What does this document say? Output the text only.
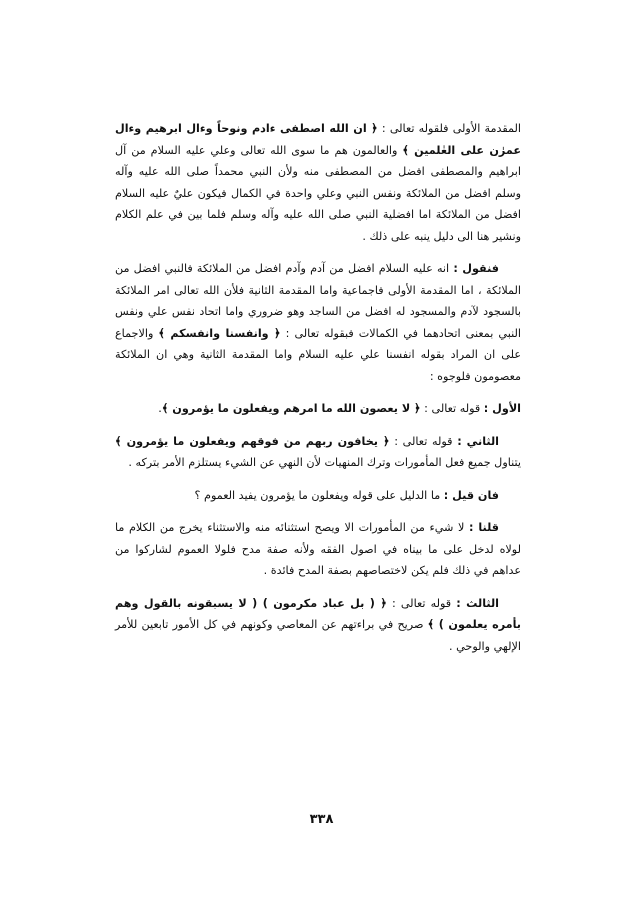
المقدمة الأولى فلقوله تعالى : ﴿ ان الله اصطفى ءادم ونوحاً وءال ابرهيم وءال عمرٰن على العٰلمين ﴾ والعالمون هم ما سوى الله تعالى وعلي عليه السلام من آل ابراهيم والمصطفى افضل من المصطفى منه ولأن النبي محمداً صلى الله عليه وآله وسلم افضل من الملائكة ونفس النبي وعلي واحدة في الكمال فيكون عليٌ عليه السلام افضل من الملائكة اما افضلية النبي صلى الله عليه وآله وسلم فلما بين في علم الكلام ونشير هنا الى دليل ينبه على ذلك .

فنقول : انه عليه السلام افضل من آدم وآدم افضل من الملائكة فالنبي افضل من الملائكة ، اما المقدمة الأولى فاجماعية واما المقدمة الثانية فلأن الله تعالى امر الملائكة بالسجود لآدم والمسجود له افضل من الساجد وهو ضروري واما اتحاد نفس علي ونفس النبي بمعنى اتحادهما في الكمالات فبقوله تعالى : ﴿ وانفسنا وانفسكم ﴾ والاجماع على ان المراد بقوله انفسنا علي عليه السلام واما المقدمة الثانية وهي ان الملائكة معصومون فلوجوه :

الأول : قوله تعالى : ﴿ لا يعصون الله ما امرهم ويفعلون ما يؤمرون ﴾.

الثاني : قوله تعالى : ﴿ يخافون ربهم من فوقهم ويفعلون ما يؤمرون ﴾ يتناول جميع فعل المأمورات وترك المنهيات لأن النهي عن الشيء يستلزم الأمر بتركه .

فان قيل : ما الدليل على قوله ويفعلون ما يؤمرون يفيد العموم ؟

قلنا : لا شيء من المأمورات الا ويصح استثنائه منه والاستثناء يخرج من الكلام ما لولاه لدخل على ما بيناه في اصول الفقه ولأنه صفة مدح فلولا العموم لشاركوا من عداهم في ذلك فلم يكن لاختصاصهم بصفة المدح فائدة .

الثالث : قوله تعالى : ﴿ ( بل عباد مكرمون ) ( لا يسبقونه بالقول وهم بأمره يعلمون ) ﴾ صريح في براءتهم عن المعاصي وكونهم في كل الأمور تابعين للأمر الإلهي والوحي .

٣٣٨
